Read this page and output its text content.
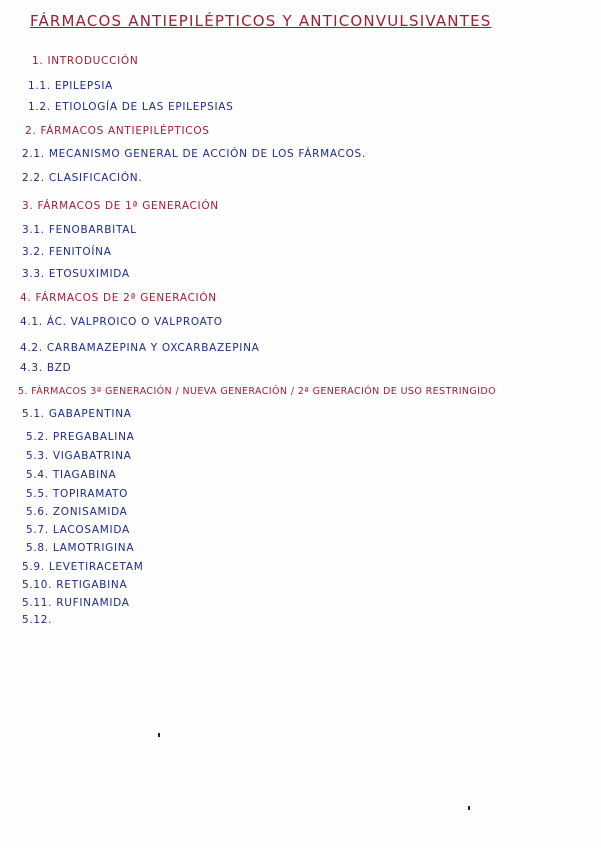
FÁRMACOS ANTIEPILÉPTICOS Y ANTICONVULSIVANTES
1. INTRODUCCIÓN
1.1. EPILEPSIA
1.2. ETIOLOGÍA DE LAS EPILEPSIAS
2. FÁRMACOS ANTIEPILÉPTICOS
2.1. MECANISMO GENERAL DE ACCIÓN DE LOS FÁRMACOS.
2.2. CLASIFICACIÓN.
3. FÁRMACOS DE 1ª GENERACIÓN
3.1. FENOBARBITAL
3.2. FENITOÍNA
3.3. ETOSUXIMIDA
4. FÁRMACOS DE 2ª GENERACIÓN
4.1. ÁC. VALPROICO O VALPROATO
4.2. CARBAMAZEPINA Y OXCARBAZEPINA
4.3. BZD
5. FÁRMACOS 3ª GENERACIÓN / NUEVA GENERACIÓN / 2ª GENERACIÓN DE USO RESTRINGIDO
5.1. GABAPENTINA
5.2. PREGABALINA
5.3. VIGABATRINA
5.4. TIAGABINA
5.5. TOPIRAMATO
5.6. ZONISAMIDA
5.7. LACOSAMIDA
5.8. LAMOTRIGINA
5.9. LEVETIRACETAM
5.10. RETIGABINA
5.11. RUFINAMIDA
5.12.
